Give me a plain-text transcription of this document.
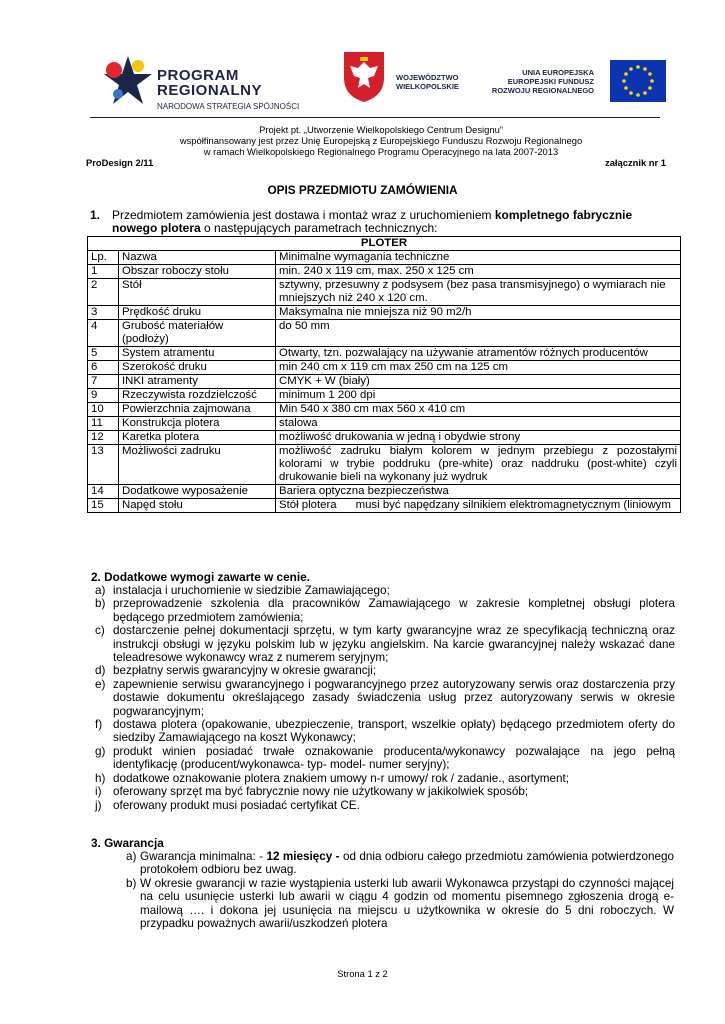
PROGRAM
REGIONALNY
NARODOWA STRATEGIA SPÓJNOŚCI
WOJEWÓDZTWO
WIELKOPOLSKIE
UNIA EUROPEJSKA
EUROPEJSKI FUNDUSZ
ROZWOJU REGIONALNEGO
Projekt pt. „Utworzenie Wielkopolskiego Centrum Designu”
współfinansowany jest przez Unię Europejską z Europejskiego Funduszu Rozwoju Regionalnego
w ramach Wielkopolskiego Regionalnego Programu Operacyjnego na lata 2007-2013
ProDesign 2/11	załącznik nr 1
OPIS PRZEDMIOTU ZAMÓWIENIA
1. Przedmiotem zamówienia jest dostawa i montaż wraz z uruchomieniem kompletnego fabrycznie nowego plotera o następujących parametrach technicznych:
PLOTER		
Lp.	Nazwa	Minimalne wymagania techniczne
1	Obszar roboczy stołu	min. 240 x 119 cm, max. 250 x 125 cm
2	Stół	sztywny, przesuwny z podsysem (bez pasa transmisyjnego) o wymiarach nie mniejszych niż 240 x 120 cm.
3	Prędkość druku	Maksymalna nie mniejsza niż 90 m2/h
4	Grubość materiałów (podłoży)	do 50 mm
5	System atramentu	Otwarty, tzn. pozwalający na używanie atramentów różnych producentów
6	Szerokość druku	min 240 cm x 119 cm max 250 cm na 125 cm
7	INKI atramenty	CMYK + W (biały)
9	Rzeczywista rozdzielczość	minimum 1 200 dpi
10	Powierzchnia zajmowana	Min 540 x 380 cm max 560 x 410 cm
11	Konstrukcja plotera	stalowa
12	Karetka plotera	możliwość drukowania w jedną i obydwie strony
13	Możliwości zadruku	możliwość zadruku białym kolorem w jednym przebiegu z pozostałymi kolorami w trybie poddruku (pre-white) oraz naddruku (post-white) czyli drukowanie bieli na wykonany już wydruk
14	Dodatkowe wyposażenie	Bariera optyczna bezpieczeństwa
15	Napęd stołu	Stół plotera      musi być napędzany silnikiem elektromagnetycznym (liniowym
2. Dodatkowe wymogi zawarte w cenie.
a) instalacja i uruchomienie w siedzibie Zamawiającego;
b) przeprowadzenie szkolenia dla pracowników Zamawiającego w zakresie kompletnej obsługi plotera będącego przedmiotem zamówienia;
c) dostarczenie pełnej dokumentacji sprzętu, w tym karty gwarancyjne wraz ze specyfikacją techniczną oraz instrukcji obsługi w języku polskim lub w języku angielskim. Na karcie gwarancyjnej należy wskazać dane teleadresowe wykonawcy wraz z numerem seryjnym;
d) bezpłatny serwis gwarancyjny w okresie gwarancji;
e) zapewnienie serwisu gwarancyjnego i pogwarancyjnego przez autoryzowany serwis oraz dostarczenia przy dostawie dokumentu określającego zasady świadczenia usług przez autoryzowany serwis w okresie pogwarancyjnym;
f) dostawa plotera (opakowanie, ubezpieczenie, transport, wszelkie opłaty) będącego przedmiotem oferty do siedziby Zamawiającego na koszt Wykonawcy;
g) produkt winien posiadać trwałe oznakowanie producenta/wykonawcy pozwalające na jego pełną identyfikację (producent/wykonawca- typ- model- numer seryjny);
h) dodatkowe oznakowanie plotera znakiem umowy n-r umowy/ rok / zadanie., asortyment;
i) oferowany sprzęt ma być fabrycznie nowy nie użytkowany w jakikolwiek sposób;
j) oferowany produkt musi posiadać certyfikat CE.
3. Gwarancja
a) Gwarancja minimalna: - 12 miesięcy - od dnia odbioru całego przedmiotu zamówienia potwierdzonego protokołem odbioru bez uwag.
b) W okresie gwarancji w razie wystąpienia usterki lub awarii Wykonawca przystąpi do czynności mającej na celu usunięcie usterki lub awarii w ciągu 4 godzin od momentu pisemnego zgłoszenia drogą e-mailową …. i dokona jej usunięcia na miejscu u użytkownika w okresie do 5 dni roboczych. W przypadku poważnych awarii/uszkodzeń plotera
Strona 1 z 2
